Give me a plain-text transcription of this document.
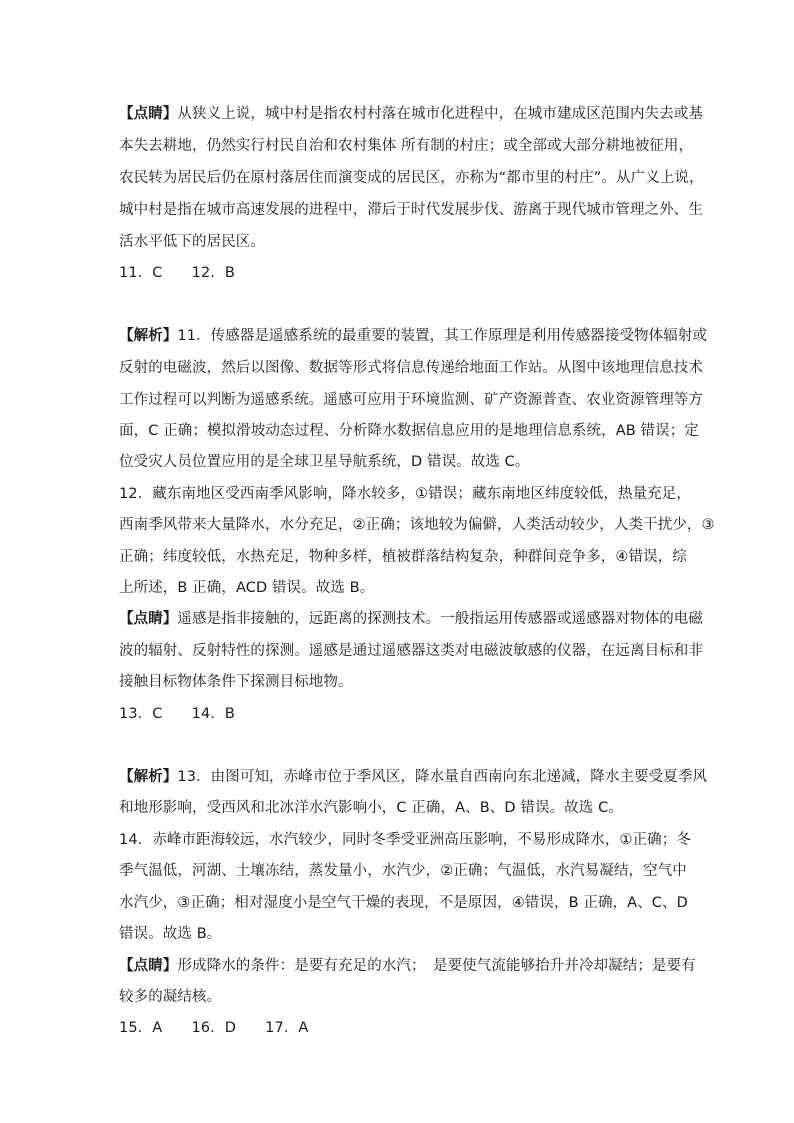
【点睛】从狭义上说，城中村是指农村村落在城市化进程中，在城市建成区范围内失去或基
本失去耕地，仍然实行村民自治和农村集体 所有制的村庄；或全部或大部分耕地被征用，
农民转为居民后仍在原村落居住而演变成的居民区，亦称为“都市里的村庄”。从广义上说，
城中村是指在城市高速发展的进程中，滞后于时代发展步伐、游离于现代城市管理之外、生
活水平低下的居民区。
11．C　　12．B
【解析】11．传感器是遥感系统的最重要的装置，其工作原理是利用传感器接受物体辐射或
反射的电磁波，然后以图像、数据等形式将信息传递给地面工作站。从图中该地理信息技术
工作过程可以判断为遥感系统。遥感可应用于环境监测、矿产资源普查、农业资源管理等方
面，C 正确；模拟滑坡动态过程、分析降水数据信息应用的是地理信息系统，AB 错误；定
位受灾人员位置应用的是全球卫星导航系统，D 错误。故选 C。
12．藏东南地区受西南季风影响，降水较多，①错误；藏东南地区纬度较低，热量充足，
西南季风带来大量降水，水分充足，②正确；该地较为偏僻，人类活动较少，人类干扰少，③
正确；纬度较低，水热充足，物种多样，植被群落结构复杂，种群间竞争多，④错误，综
上所述，B 正确，ACD 错误。故选 B。
【点睛】遥感是指非接触的，远距离的探测技术。一般指运用传感器或遥感器对物体的电磁
波的辐射、反射特性的探测。遥感是通过遥感器这类对电磁波敏感的仪器，在远离目标和非
接触目标物体条件下探测目标地物。
13．C　　14．B
【解析】13．由图可知，赤峰市位于季风区，降水量自西南向东北递减，降水主要受夏季风
和地形影响，受西风和北冰洋水汽影响小，C 正确，A、B、D 错误。故选 C。
14．赤峰市距海较远，水汽较少，同时冬季受亚洲高压影响，不易形成降水，①正确；冬
季气温低，河湖、土壤冻结，蒸发量小，水汽少，②正确；气温低，水汽易凝结，空气中
水汽少，③正确；相对湿度小是空气干燥的表现，不是原因，④错误，B 正确，A、C、D
错误。故选 B。
【点睛】形成降水的条件：是要有充足的水汽；　是要使气流能够抬升并冷却凝结；是要有
较多的凝结核。
15．A　　16．D　　17．A
